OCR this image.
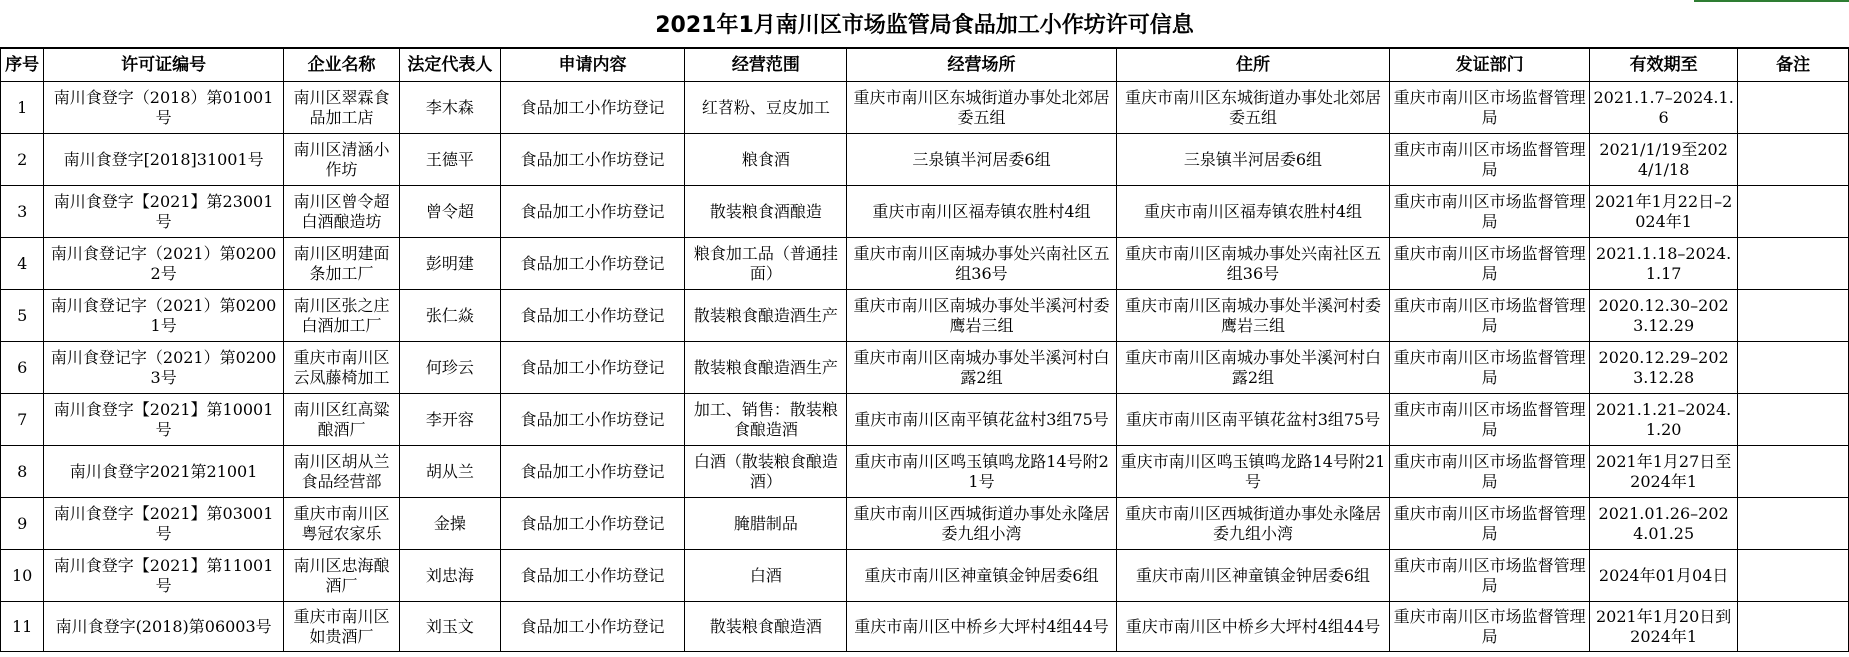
2021年1月南川区市场监管局食品加工小作坊许可信息
序号	许可证编号	企业名称	法定代表人	申请内容	经营范围	经营场所	住所	发证部门	有效期至	备注

1	南川食登字（2018）第01001号	南川区翠霖食品加工店	李木森	食品加工小作坊登记	红苕粉、豆皮加工	重庆市南川区东城街道办事处北郊居委五组	重庆市南川区东城街道办事处北郊居委五组	重庆市南川区市场监督管理局	2021.1.7–2024.1.6	

2	南川食登字[2018]31001号	南川区清涵小作坊	王德平	食品加工小作坊登记	粮食酒	三泉镇半河居委6组	三泉镇半河居委6组	重庆市南川区市场监督管理局	2021/1/19至2024/1/18	

3	南川食登字【2021】第23001号	南川区曾令超白酒酿造坊	曾令超	食品加工小作坊登记	散装粮食酒酿造	重庆市南川区福寿镇农胜村4组	重庆市南川区福寿镇农胜村4组	重庆市南川区市场监督管理局	2021年1月22日–2024年1	

4	南川食登记字（2021）第02002号	南川区明建面条加工厂	彭明建	食品加工小作坊登记	粮食加工品（普通挂面）	重庆市南川区南城办事处兴南社区五组36号	重庆市南川区南城办事处兴南社区五组36号	重庆市南川区市场监督管理局	2021.1.18–2024.1.17	

5	南川食登记字（2021）第02001号	南川区张之庄白酒加工厂	张仁焱	食品加工小作坊登记	散装粮食酿造酒生产	重庆市南川区南城办事处半溪河村委鹰岩三组	重庆市南川区南城办事处半溪河村委鹰岩三组	重庆市南川区市场监督管理局	2020.12.30–2023.12.29	

6	南川食登记字（2021）第02003号	重庆市南川区云凤藤椅加工	何珍云	食品加工小作坊登记	散装粮食酿造酒生产	重庆市南川区南城办事处半溪河村白露2组	重庆市南川区南城办事处半溪河村白露2组	重庆市南川区市场监督管理局	2020.12.29–2023.12.28	

7	南川食登字【2021】第10001号	南川区红高粱酿酒厂	李开容	食品加工小作坊登记	加工、销售：散装粮食酿造酒	重庆市南川区南平镇花盆村3组75号	重庆市南川区南平镇花盆村3组75号	重庆市南川区市场监督管理局	2021.1.21–2024.1.20	

8	南川食登字2021第21001	南川区胡从兰食品经营部	胡从兰	食品加工小作坊登记	白酒（散装粮食酿造酒）	重庆市南川区鸣玉镇鸣龙路14号附21号	重庆市南川区鸣玉镇鸣龙路14号附21号	重庆市南川区市场监督管理局	2021年1月27日至2024年1	

9	南川食登字【2021】第03001号	重庆市南川区粤冠农家乐	金操	食品加工小作坊登记	腌腊制品	重庆市南川区西城街道办事处永隆居委九组小湾	重庆市南川区西城街道办事处永隆居委九组小湾	重庆市南川区市场监督管理局	2021.01.26–2024.01.25	

10	南川食登字【2021】第11001号	南川区忠海酿酒厂	刘忠海	食品加工小作坊登记	白酒	重庆市南川区神童镇金钟居委6组	重庆市南川区神童镇金钟居委6组	重庆市南川区市场监督管理局	2024年01月04日	

11	南川食登字(2018)第06003号	重庆市南川区如贵酒厂	刘玉文	食品加工小作坊登记	散装粮食酿造酒	重庆市南川区中桥乡大坪村4组44号	重庆市南川区中桥乡大坪村4组44号	重庆市南川区市场监督管理局	2021年1月20日到2024年1	
